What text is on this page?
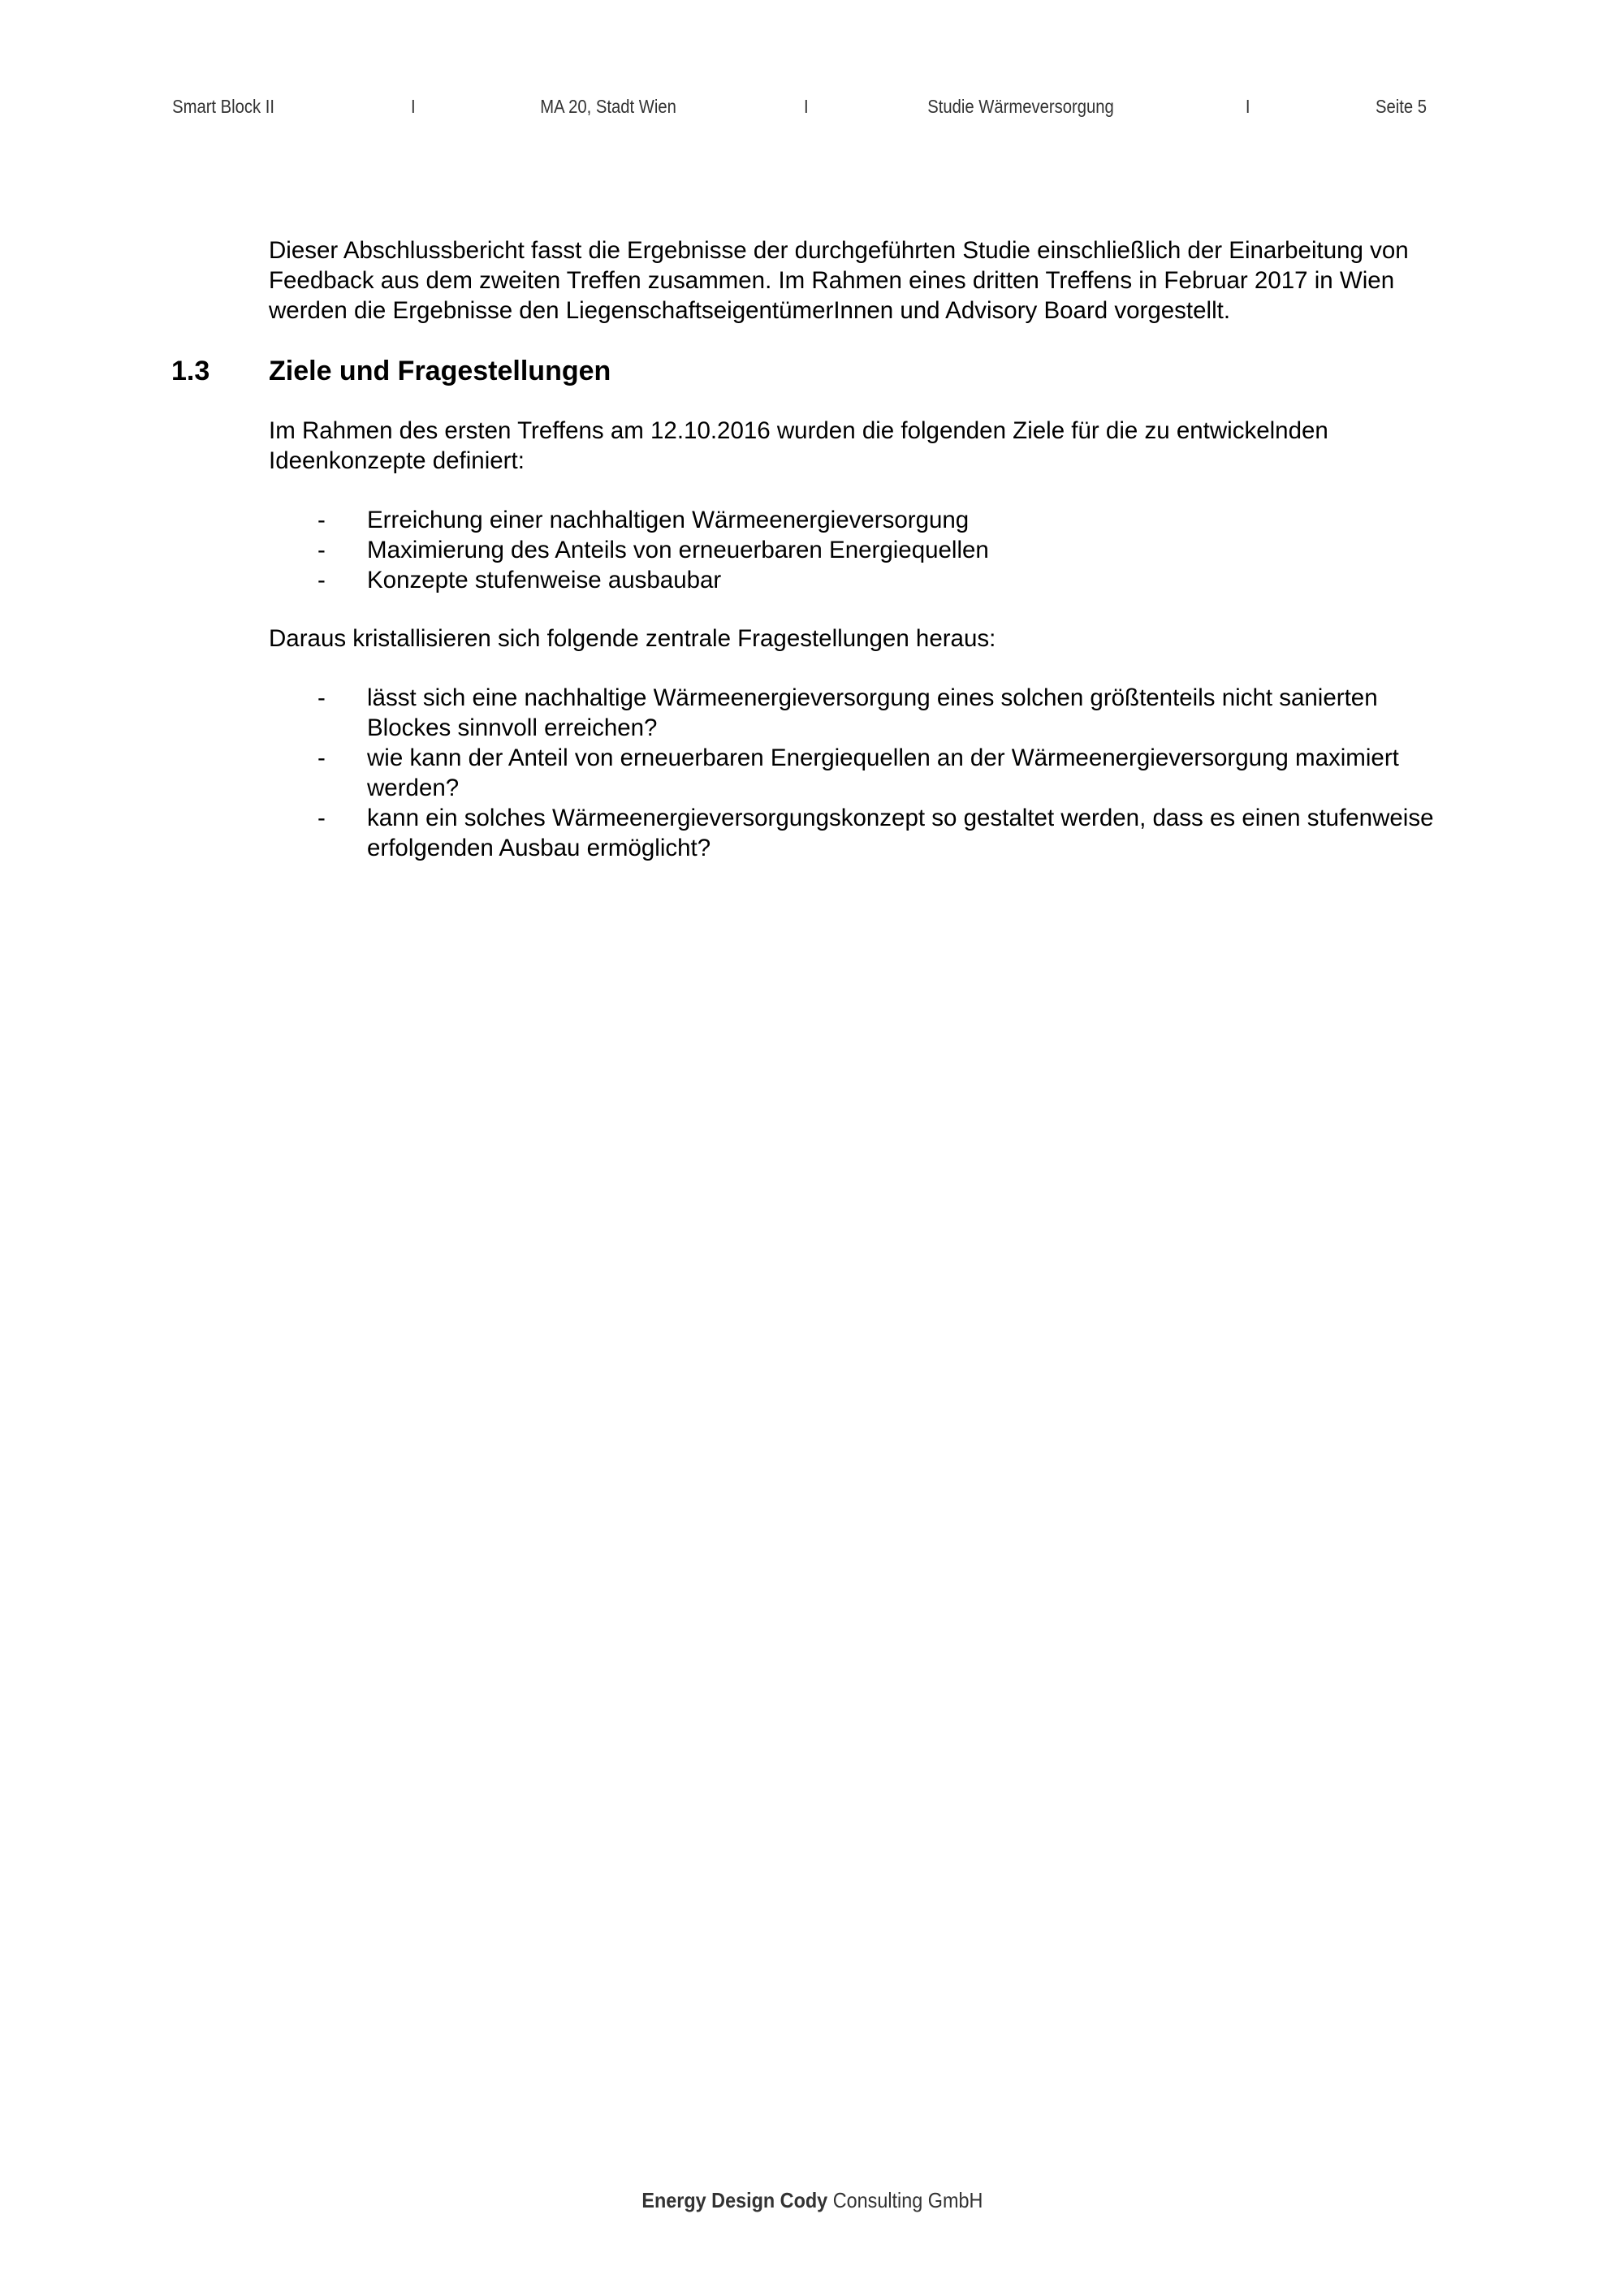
Smart Block II	I	MA 20, Stadt Wien	I	Studie Wärmeversorgung	I	Seite 5

Dieser Abschlussbericht fasst die Ergebnisse der durchgeführten Studie einschließlich der Einarbeitung von Feedback aus dem zweiten Treffen zusammen. Im Rahmen eines dritten Treffens in Februar 2017 in Wien werden die Ergebnisse den LiegenschaftseigentümerInnen und Advisory Board vorgestellt.

1.3 Ziele und Fragestellungen

Im Rahmen des ersten Treffens am 12.10.2016 wurden die folgenden Ziele für die zu entwickelnden Ideenkonzepte definiert:

- Erreichung einer nachhaltigen Wärmeenergieversorgung
- Maximierung des Anteils von erneuerbaren Energiequellen
- Konzepte stufenweise ausbaubar

Daraus kristallisieren sich folgende zentrale Fragestellungen heraus:

- lässt sich eine nachhaltige Wärmeenergieversorgung eines solchen größtenteils nicht sanierten Blockes sinnvoll erreichen?
- wie kann der Anteil von erneuerbaren Energiequellen an der Wärmeenergieversorgung maximiert werden?
- kann ein solches Wärmeenergieversorgungskonzept so gestaltet werden, dass es einen stufenweise erfolgenden Ausbau ermöglicht?
Energy Design Cody Consulting GmbH
